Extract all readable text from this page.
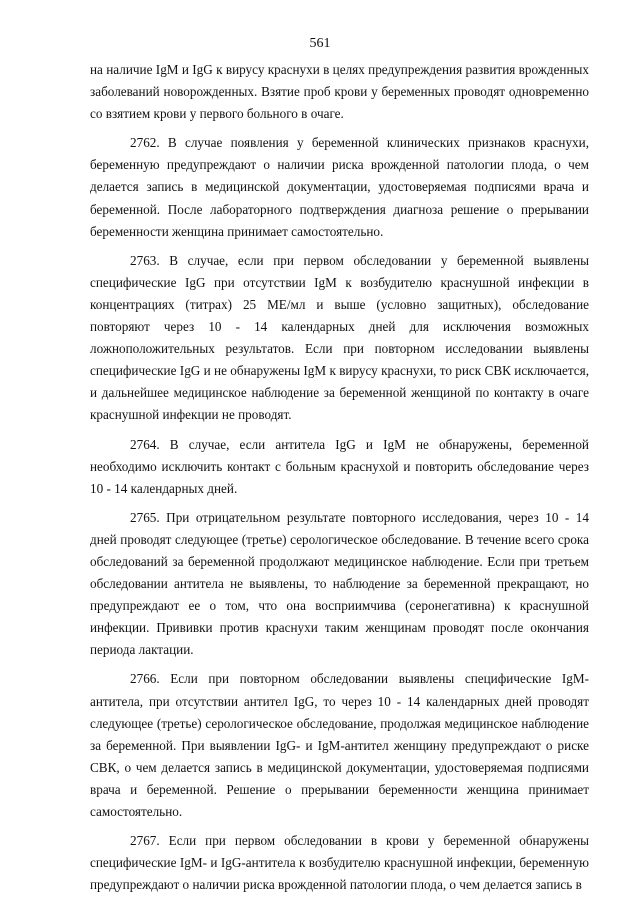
561

на наличие IgM и IgG к вирусу краснухи в целях предупреждения развития врожденных заболеваний новорожденных. Взятие проб крови у беременных проводят одновременно со взятием крови у первого больного в очаге.

2762. В случае появления у беременной клинических признаков краснухи, беременную предупреждают о наличии риска врожденной патологии плода, о чем делается запись в медицинской документации, удостоверяемая подписями врача и беременной. После лабораторного подтверждения диагноза решение о прерывании беременности женщина принимает самостоятельно.

2763. В случае, если при первом обследовании у беременной выявлены специфические IgG при отсутствии IgM к возбудителю краснушной инфекции в концентрациях (титрах) 25 МЕ/мл и выше (условно защитных), обследование повторяют через 10 - 14 календарных дней для исключения возможных ложноположительных результатов. Если при повторном исследовании выявлены специфические IgG и не обнаружены IgM к вирусу краснухи, то риск СВК исключается, и дальнейшее медицинское наблюдение за беременной женщиной по контакту в очаге краснушной инфекции не проводят.

2764. В случае, если антитела IgG и IgM не обнаружены, беременной необходимо исключить контакт с больным краснухой и повторить обследование через 10 - 14 календарных дней.

2765. При отрицательном результате повторного исследования, через 10 - 14 дней проводят следующее (третье) серологическое обследование. В течение всего срока обследований за беременной продолжают медицинское наблюдение. Если при третьем обследовании антитела не выявлены, то наблюдение за беременной прекращают, но предупреждают ее о том, что она восприимчива (серонегативна) к краснушной инфекции. Прививки против краснухи таким женщинам проводят после окончания периода лактации.

2766. Если при повторном обследовании выявлены специфические IgM-антитела, при отсутствии антител IgG, то через 10 - 14 календарных дней проводят следующее (третье) серологическое обследование, продолжая медицинское наблюдение за беременной. При выявлении IgG- и IgM-антител женщину предупреждают о риске СВК, о чем делается запись в медицинской документации, удостоверяемая подписями врача и беременной. Решение о прерывании беременности женщина принимает самостоятельно.

2767. Если при первом обследовании в крови у беременной обнаружены специфические IgM- и IgG-антитела к возбудителю краснушной инфекции, беременную предупреждают о наличии риска врожденной патологии плода, о чем делается запись в
